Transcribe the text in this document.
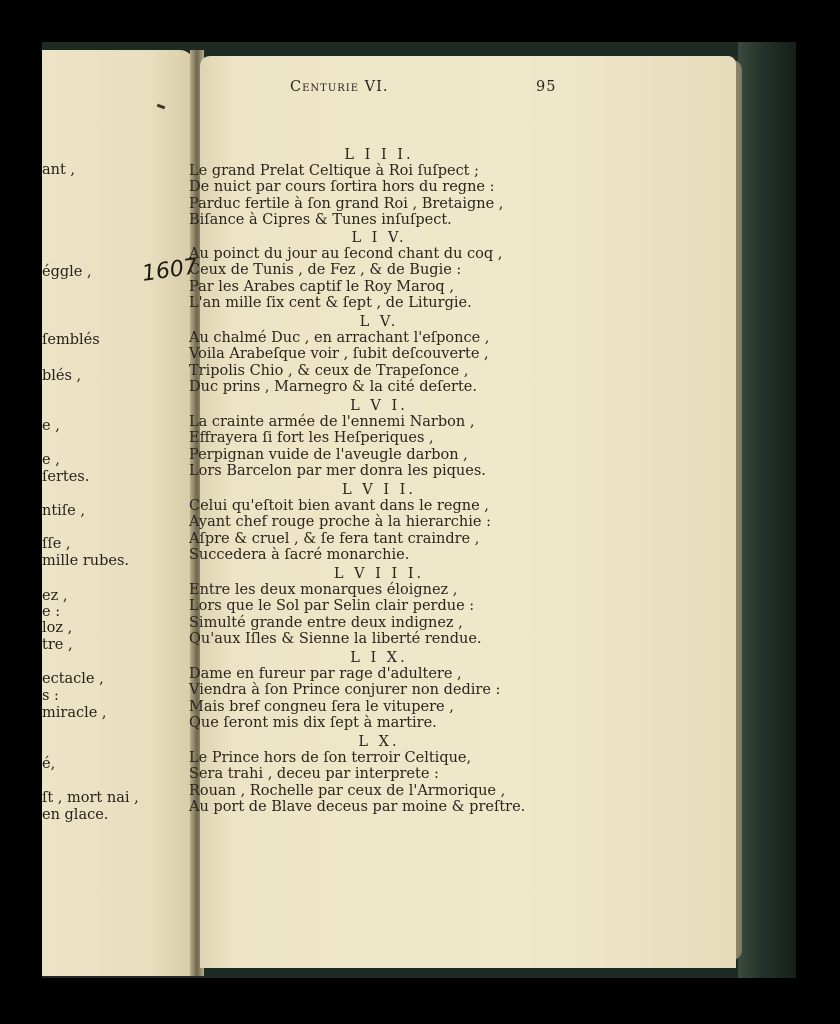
ant ,
éggle ,
ſemblés
blés ,
e ,
e ,
ſertes.
ntiſe ,
ſſe ,
mille rubes.
ez ,
e :
loz ,
tre ,
ectacle ,
s :
miracle ,
é,
ſt , mort nai ,
en glace.
1607
Centurie VI.	95
L I I I.
Le grand Prelat Celtique à Roi ſuſpect ;
De nuict par cours ſortira hors du regne :
Parduc fertile à ſon grand Roi , Bretaigne ,
Biſance à Cipres & Tunes inſuſpect.
L I V.
Au poinct du jour au ſecond chant du coq ,
Ceux de Tunis , de Fez , & de Bugie :
Par les Arabes captif le Roy Maroq ,
L'an mille ſix cent & ſept , de Liturgie.
L V.
Au chalmé Duc , en arrachant l'eſponce ,
Voila Arabeſque voir , ſubit deſcouverte ,
Tripolis Chio , & ceux de Trapeſonce ,
Duc prins , Marnegro & la cité deſerte.
L V I.
La crainte armée de l'ennemi Narbon ,
Effrayera ſi fort les Heſperiques ,
Perpignan vuide de l'aveugle darbon ,
Lors Barcelon par mer donra les piques.
L V I I.
Celui qu'eſtoit bien avant dans le regne ,
Ayant chef rouge proche à la hierarchie :
Aſpre & cruel , & ſe fera tant craindre ,
Succedera à ſacré monarchie.
L V I I I.
Entre les deux monarques éloignez ,
Lors que le Sol par Selin clair perdue :
Simulté grande entre deux indignez ,
Qu'aux Iſles & Sienne la liberté rendue.
L I X.
Dame en fureur par rage d'adultere ,
Viendra à ſon Prince conjurer non dedire :
Mais bref congneu ſera le vitupere ,
Que ſeront mis dix ſept à martire.
L X.
Le Prince hors de ſon terroir Celtique,
Sera trahi , deceu par interprete :
Rouan , Rochelle par ceux de l'Armorique ,
Au port de Blave deceus par moine & preſtre.
